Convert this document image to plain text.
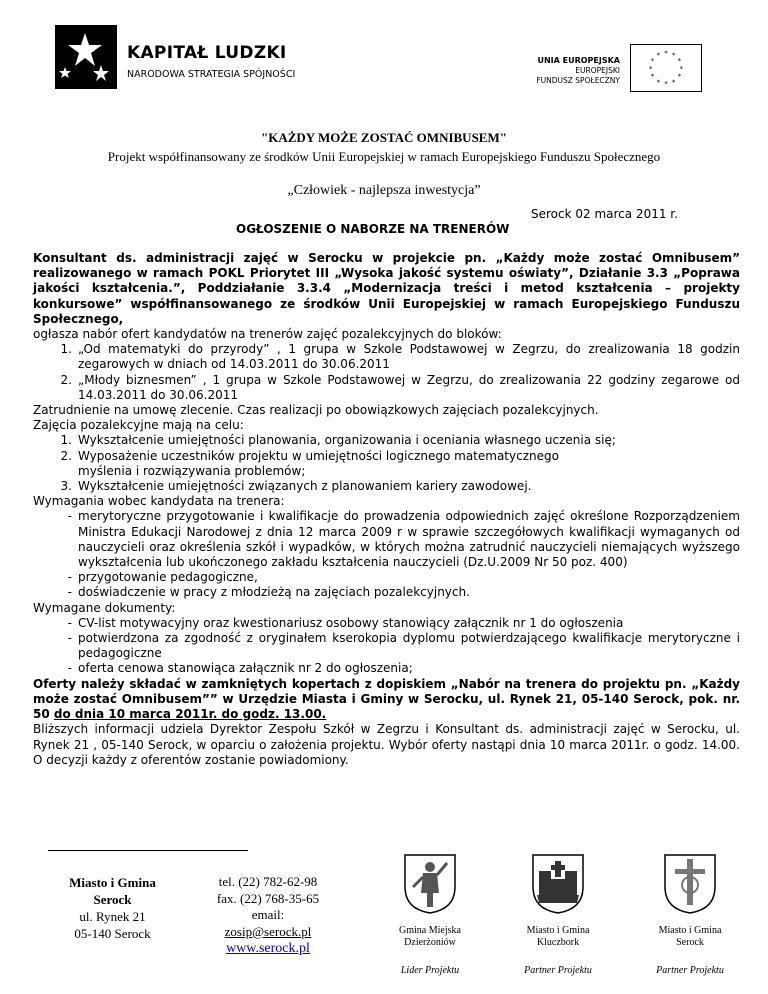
KAPITAŁ LUDZKI
NARODOWA STRATEGIA SPÓJNOŚCI
UNIA EUROPEJSKA
EUROPEJSKI
FUNDUSZ SPOŁECZNY
* *
*
*
*
*
*
*
*
*
*
*
"KAŻDY MOŻE ZOSTAĆ OMNIBUSEM"
Projekt współfinansowany ze środków Unii Europejskiej w ramach Europejskiego Funduszu Społecznego
„Człowiek - najlepsza inwestycja”
Serock 02 marca 2011 r.
OGŁOSZENIE O NABORZE NA TRENERÓW

Konsultant ds. administracji zajęć w Serocku w projekcie pn. „Każdy może zostać Omnibusem” realizowanego w ramach POKL Priorytet III „Wysoka jakość systemu oświaty”, Działanie 3.3 „Poprawa jakości kształcenia.”, Poddziałanie 3.3.4 „Modernizacja treści i metod kształcenia – projekty konkursowe” współfinansowanego ze środków Unii Europejskiej w ramach Europejskiego Funduszu Społecznego,

ogłasza nabór ofert kandydatów na trenerów zajęć pozalekcyjnych do bloków:

1. „Od matematyki do przyrody” , 1 grupa w Szkole Podstawowej w Zegrzu, do zrealizowania 18 godzin zegarowych w dniach od 14.03.2011 do 30.06.2011
2. „Młody biznesmen” , 1 grupa w Szkole Podstawowej w Zegrzu, do zrealizowania 22 godziny zegarowe od 14.03.2011 do 30.06.2011

Zatrudnienie na umowę zlecenie. Czas realizacji po obowiązkowych zajęciach pozalekcyjnych.

Zajęcia pozalekcyjne mają na celu:

1. Wykształcenie umiejętności planowania, organizowania i oceniania własnego uczenia się;
2. Wyposażenie uczestników projektu w umiejętności logicznego matematycznego myślenia i rozwiązywania problemów;
3. Wykształcenie umiejętności związanych z planowaniem kariery zawodowej.

Wymagania wobec kandydata na trenera:

- merytoryczne przygotowanie i kwalifikacje do prowadzenia odpowiednich zajęć określone Rozporządzeniem Ministra Edukacji Narodowej z dnia 12 marca 2009 r w sprawie szczegółowych kwalifikacji wymaganych od nauczycieli oraz określenia szkół i wypadków, w których można zatrudnić nauczycieli niemających wyższego wykształcenia lub ukończonego zakładu kształcenia nauczycieli (Dz.U.2009 Nr 50 poz. 400)
- przygotowanie pedagogiczne,
- doświadczenie w pracy z młodzieżą na zajęciach pozalekcyjnych.

Wymagane dokumenty:

- CV-list motywacyjny oraz kwestionariusz osobowy stanowiący załącznik nr 1 do ogłoszenia
- potwierdzona za zgodność z oryginałem kserokopia dyplomu potwierdzającego kwalifikacje merytoryczne i pedagogiczne
- oferta cenowa stanowiąca załącznik nr 2 do ogłoszenia;

Oferty należy składać w zamkniętych kopertach z dopiskiem „Nabór na trenera do projektu pn. „Każdy może zostać Omnibusem”” w Urzędzie Miasta i Gminy w Serocku, ul. Rynek 21, 05-140 Serock, pok. nr. 50 do dnia 10 marca 2011r. do godz. 13.00.

Bliższych informacji udziela Dyrektor Zespołu Szkół w Zegrzu i Konsultant ds. administracji zajęć w Serocku, ul. Rynek 21 , 05-140 Serock, w oparciu o założenia projektu. Wybór oferty nastąpi dnia 10 marca 2011r. o godz. 14.00. O decyzji każdy z oferentów zostanie powiadomiony.

Miasto i Gmina
Serock
ul. Rynek 21
05-140 Serock
tel. (22) 782-62-98
fax. (22) 768-35-65
email:
zosip@serock.pl
www.serock.pl
Gmina Miejska
Dzierżoniów
Lider Projektu
Miasto i Gmina
Kluczbork
Partner Projektu
Miasto i Gmina
Serock
Partner Projektu
